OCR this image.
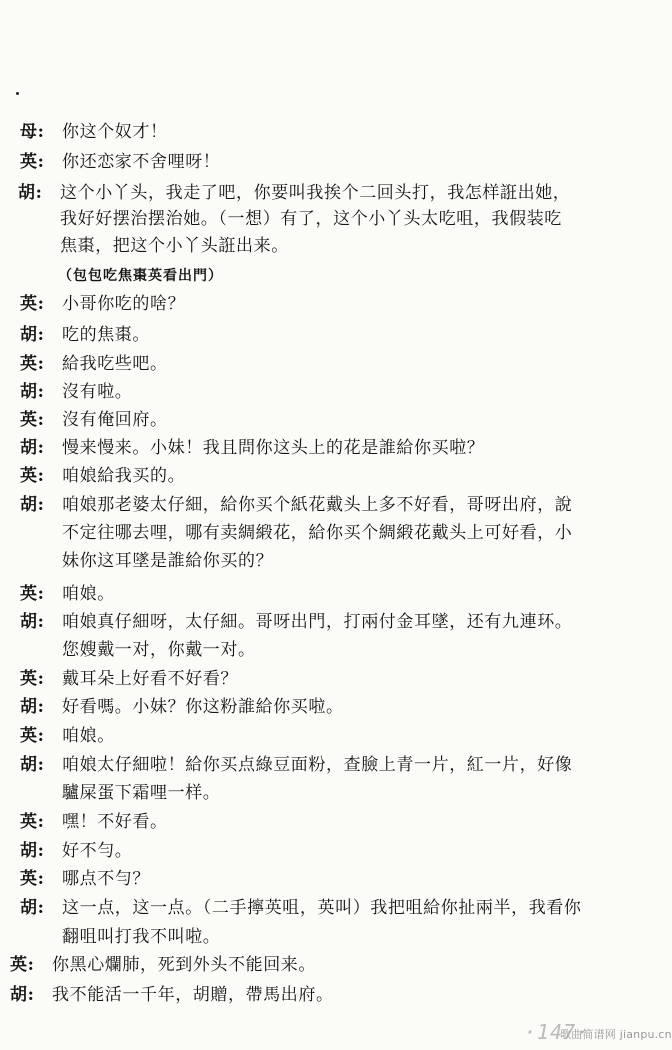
母: 你这个奴才！
英: 你还恋家不舍哩呀！
胡: 这个小丫头，我走了吧，你要叫我挨个二回头打，我怎样誑出她，
我好好摆治摆治她。（一想）有了，这个小丫头太吃咀，我假装吃
焦棗，把这个小丫头誑出来。
（包包吃焦棗英看出門）
英: 小哥你吃的啥？
胡: 吃的焦棗。
英: 給我吃些吧。
胡: 沒有啦。
英: 沒有俺回府。
胡: 慢来慢来。小妹！我且問你这头上的花是誰給你买啦？
英: 咱娘給我买的。
胡: 咱娘那老婆太仔細，給你买个紙花戴头上多不好看，哥呀出府，說
不定往哪去哩，哪有卖綢緞花，給你买个綢緞花戴头上可好看，小
妹你这耳墜是誰給你买的？
英: 咱娘。
胡: 咱娘真仔細呀，太仔細。哥呀出門，打兩付金耳墜，还有九連环。
您嫂戴一对，你戴一对。
英: 戴耳朵上好看不好看？
胡: 好看嗎。小妹？你这粉誰給你买啦。
英: 咱娘。
胡: 咱娘太仔細啦！給你买点綠豆面粉，查臉上青一片，紅一片，好像
驢屎蛋下霜哩一样。
英: 嘿！不好看。
胡: 好不勻。
英: 哪点不勻？
胡: 这一点，这一点。（二手擰英咀，英叫）我把咀給你扯兩半，我看你
翻咀叫打我不叫啦。
英: 你黑心爛肺，死到外头不能回来。
胡: 我不能活一千年，胡贈，帶馬出府。
·147·
歌曲简谱网 jianpu.cn
